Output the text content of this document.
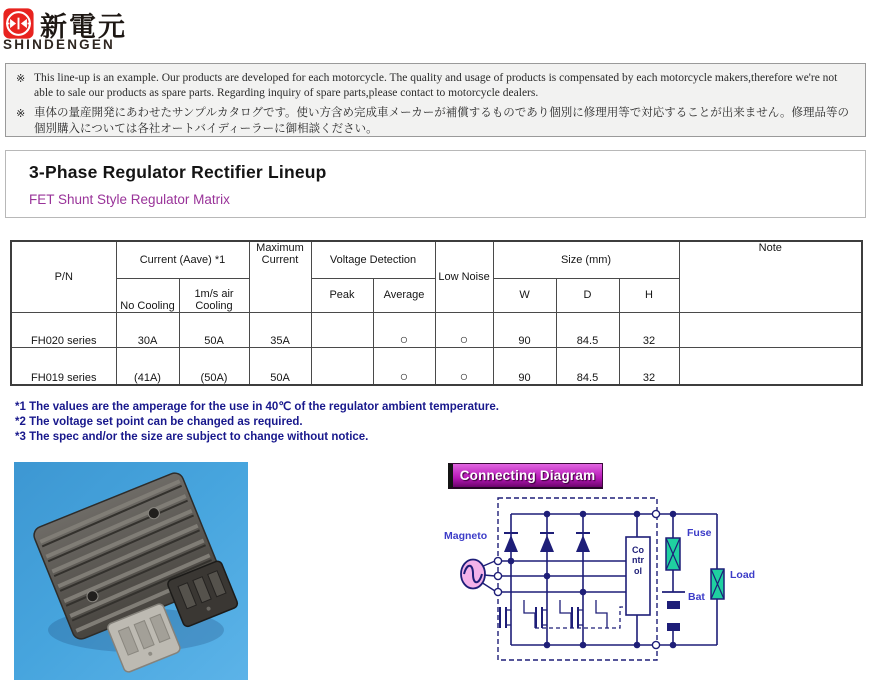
新電元
SHINDENGEN
※ This line-up is an example. Our products are developed for each motorcycle. The quality and usage of products is compensated by each motorcycle makers,therefore we're not able to sale our products as spare parts. Regarding inquiry of spare parts,please contact to motorcycle dealers.
※ 車体の量産開発にあわせたサンプルカタログです。使い方含め完成車メーカーが補償するものであり個別に修理用等で対応することが出来ません。修理品等の個別購入については各社オートバイディーラーに御相談ください。
3-Phase Regulator Rectifier Lineup
FET Shunt Style Regulator Matrix
P/N	Current (Aave) *1		Maximum Current	Voltage Detection		Low Noise	Size (mm)			Note
	No Cooling	1m/s air Cooling		Peak	Average		W	D	H	
FH020 series	30A	50A	35A		○	○	90	84.5	32	
FH019 series	(41A)	(50A)	50A		○	○	90	84.5	32	
*1 The values are the amperage for the use in 40℃ of the regulator ambient temperature.
*2 The voltage set point can be changed as required.
*3 The spec and/or the size are subject to change without notice.
Connecting Diagram
Magneto
Control
Fuse
Bat
Load
